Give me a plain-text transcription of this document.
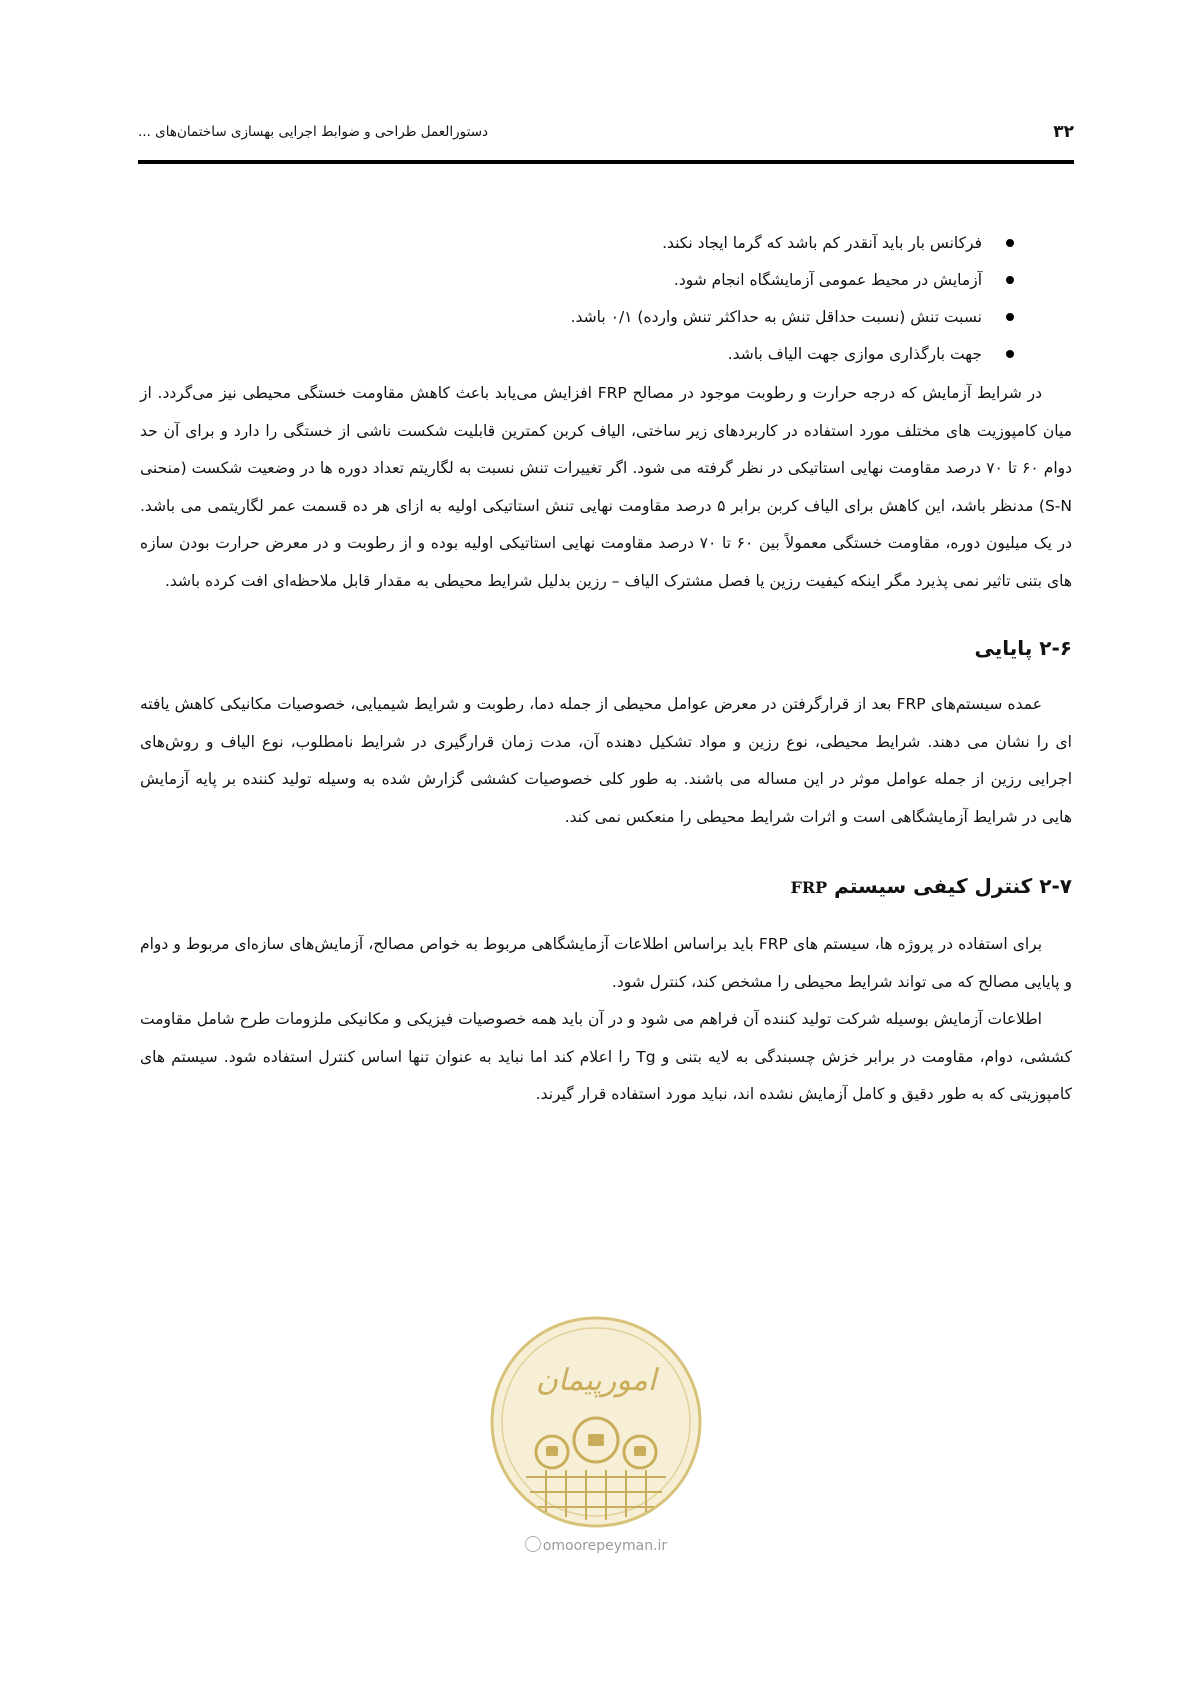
۳۲
دستورالعمل طراحی و ضوابط اجرایی بهسازی ساختمان‌های ...
فرکانس بار باید آنقدر کم باشد که گرما ایجاد نکند.
آزمایش در محیط عمومی آزمایشگاه انجام شود.
نسبت تنش (نسبت حداقل تنش به حداکثر تنش وارده) ۰/۱ باشد.
جهت بارگذاری موازی جهت الیاف باشد.

در شرایط آزمایش که درجه حرارت و رطوبت موجود در مصالح FRP افزایش می‌یابد باعث کاهش مقاومت خستگی محیطی نیز می‌گردد. از میان کامپوزیت های مختلف مورد استفاده در کاربردهای زیر ساختی، الیاف کربن کمترین قابلیت شکست ناشی از خستگی را دارد و برای آن حد دوام ۶۰ تا ۷۰ درصد مقاومت نهایی استاتیکی در نظر گرفته می شود. اگر تغییرات تنش نسبت به لگاریتم تعداد دوره ها در وضعیت شکست (منحنی S-N) مدنظر باشد، این کاهش برای الیاف کربن برابر ۵ درصد مقاومت نهایی تنش استاتیکی اولیه به ازای هر ده قسمت عمر لگاریتمی می باشد. در یک میلیون دوره، مقاومت خستگی معمولاً بین ۶۰ تا ۷۰ درصد مقاومت نهایی استاتیکی اولیه بوده و از رطوبت و در معرض حرارت بودن سازه های بتنی تاثیر نمی پذیرد مگر اینکه کیفیت رزین یا فصل مشترک الیاف – رزین بدلیل شرایط محیطی به مقدار قابل ملاحظه‌ای افت کرده باشد.

۲-۶ پایایی

عمده سیستم‌های FRP بعد از قرارگرفتن در معرض عوامل محیطی از جمله دما، رطوبت و شرایط شیمیایی، خصوصیات مکانیکی کاهش یافته ای را نشان می دهند. شرایط محیطی، نوع رزین و مواد تشکیل دهنده آن، مدت زمان قرارگیری در شرایط نامطلوب، نوع الیاف و روش‌های اجرایی رزین از جمله عوامل موثر در این مساله می باشند. به طور کلی خصوصیات کششی گزارش شده به وسیله تولید کننده بر پایه آزمایش هایی در شرایط آزمایشگاهی است و اثرات شرایط محیطی را منعکس نمی کند.

۲-۷ کنترل کیفی سیستم FRP

برای استفاده در پروژه ها، سیستم های FRP باید براساس اطلاعات آزمایشگاهی مربوط به خواص مصالح، آزمایش‌های سازه‌ای مربوط و دوام و پایایی مصالح که می تواند شرایط محیطی را مشخص کند، کنترل شود.

اطلاعات آزمایش بوسیله شرکت تولید کننده آن فراهم می شود و در آن باید همه خصوصیات فیزیکی و مکانیکی ملزومات طرح شامل مقاومت کششی، دوام، مقاومت در برابر خزش چسبندگی به لایه بتنی و Tg را اعلام کند اما نباید به عنوان تنها اساس کنترل استفاده شود. سیستم های کامپوزیتی که به طور دقیق و کامل آزمایش نشده اند، نباید مورد استفاده قرار گیرند.

امورپیمان
omoorepeyman.ir
